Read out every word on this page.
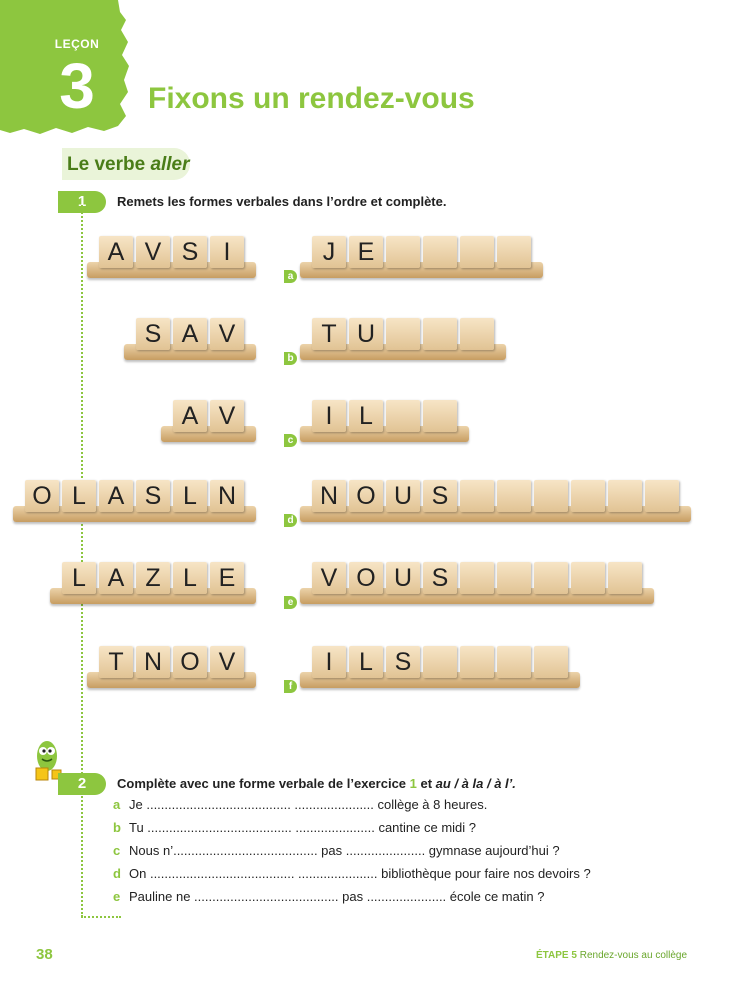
LEÇON
3	Fixons un rendez-vous
Le verbe aller
1	Remets les formes verbales dans l’ordre et complète.
A V S	I	J E
a
S A V	T U
b
A V	I	L
c
O L A S L N	N O U S
d
L A Z L E	V O U S
e
T N O V	I	L S
f
2	Complète avec une forme verbale de l’exercice 1 et au / à la / à l’.
a Je ........................................ ...................... collège à 8 heures.
b Tu ........................................ ...................... cantine ce midi ?
c Nous n’........................................ pas ...................... gymnase aujourd’hui ?
d On ........................................ ...................... bibliothèque pour faire nos devoirs ?
e Pauline ne ........................................ pas ...................... école ce matin ?
38	ÉTAPE 5 Rendez-vous au collège
